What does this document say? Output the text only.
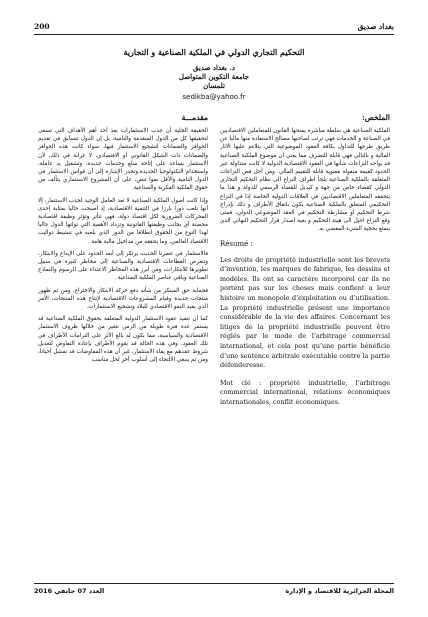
200	بغداد صديق
التحكيم التجاري الدولي في الملكية الصناعية و التجارية
د. بغداد صديق
جامعة التكوين المتواصل
تلمسان
sedikba@yahoo.fr
الملخص:

الملكية الصناعية هي سلطة مباشرة يمنحها القانون للمتعاملين الاقتصاديين في الصناعة و الخدمات فهي ترتب لصاحبها مصالح الاستفادة منها ماليا عن طريق طرحها للتداول بكافة العقود الموضوعية التي يتلاءم عليها الاثار المالية و بالتالي فهي قابلة للتصرف مما يعني ان موضوع الملكية الصناعية قد يواجه النزاعات شأنها في العقود الاقتصادية الدولية لا كانت متداولة عبر الحدود كقيمة منقولة معنوية قابلة للتقييم المالي. ومن أجل فض النزاعات المتعلقة بالملكية الصناعية يلجأ اطراف النزاع الى نظام التحكيم التجاري الدولي كقضاء خاص من جهة و كبديل للقضاء الرسمي للدولة و هذا ما يتحققه المتعاملين الاقتصاديين في العلاقات الدولية الخاصة إذا في النزاع التحكيمي المتعلق بالملكية الصناعية يكون باتفاق الأطراف و ذلك بإدراج شرط التحكيم او مشارطة التحكيم في العقد الموضوعي الدولي، فمتى وقع النزاع احيل الى هيئة التحكيم و بغية اصدار قرار التحكيم النهائي الذي يتمتع بحجية الشيء المقضي به.

Résumé :

Les droits de propriété industrielle sont les brevets d’invention, les marques de fabrique, les dessins et modèles. Ils ont sa caractère incorporel car ils ne portent pas sur les choses mais confient a leur histoire un monopole d’exploitation ou d’utilisation. La propriété industrielle présent une importance considérable de la vie des affaires. Concernant les litiges de la propriété industrielle peuvent être réglés par le mode de l’arbitrage commercial international, et cela post qu’une partie bénéficie d’une sentence arbitrale exécutable contre la partie défenderesse.

Mot clé : propriété industrielle, l’arbitrage commercial international, relations économiques internationales, conflit économiques.

مقدمـــة

الحقيقة الجلية أن جذب الاستثمارات يعد أحد أهم الأهداف التي تسعى لتحقيقها كل من الدول المتقدمة والنامية، بل إن الدول تتسابق في تقديم الحوافز والضمانات لتشجيع الاستثمار فيها، سواء كانت هذه الحوافز والضمانات ذات الشكل القانوني أو الاقتصادي، لا غرابة في ذلك، لأن الاستثمار يساعد على إتاحة سلع وخدمات جديدة، وتشغيل يد عاملة، واستخدام التكنولوجيا الجديدة.وتجدر الإشارة إلى أن قوانين الاستثمار في الدول النامية والأقل نموا تنص، على أن المشروع الاستثماري يتألف من حقوق الملكية الفكرية والصناعية.

وإذا كانت أصول الملكية الصناعية لا تعد العامل الوحيد لجذب الاستثمار، إلا أنها تلعب دورا بارزا في التنمية الاقتصادية، إذ أصبحت حاليا بمثابة إحدى المحركات الضرورية لكل اقتصاد دولة، فهي تتأثر وتؤثر وظيفة اقتصادية محصنة أي بجانب وظيفتها القانونية وتزداد الأهمية التي تولتها الدول حاليا لهذا النوع من الحقوق انطلاقا من الدور الذي يلعبه في تنشيط دواليب الاقتصاد العالمي، وما يحققه من مداخيل مالية هامة .

فالاستثمار في عصرنا الحديث يرتكز إلى أبعد الحدود على الإبداع والابتكار، وتتعرض القطاعات الاقتصادية والصناعية إلى مخاطر كبيرة في سبيل تطويرها للابتكارات، ومن أبرز هذه المخاطر الاعتداء على الرسوم والنماذج الصناعية وباقي عناصر الملكية الصناعية .

فحماية حق المبتكر من شأنه دفع حركة الابتكار والاختراع، ومن ثم ظهور منتجات جديدة وقيام المشروعات الاقتصادية لإنتاج هذه المنتجات، الأمر الذي يفيد النمو الاقتصادي للبلاد وتشجيع الاستثمارات.

كما أن تنفيذ عقود الاستثمار الدولية المتعلقة بحقوق الملكية الصناعية قد يستمر عدة فترة طويلة من الزمن تتغير من خلالها ظروف الاستثمار الاقتصادية والسياسية، مما يكون له بالغ الأثر على التزامات الأطراف في تلك العقود. وفي هذه الحالة قد يقوم الأطراف بإعادة التفاوض لتعديل شروط عقدهم مع بقاء الاستثمار، غير أن هذه المفاوضات قد تفشل أحيانا، ومن ثم ينبغي الالتجاء إلى أسلوب آخر لحل مناسب

العدد 07 جانفي 2016	المجلة الجزائرية للاقتصاد و الإدارة
